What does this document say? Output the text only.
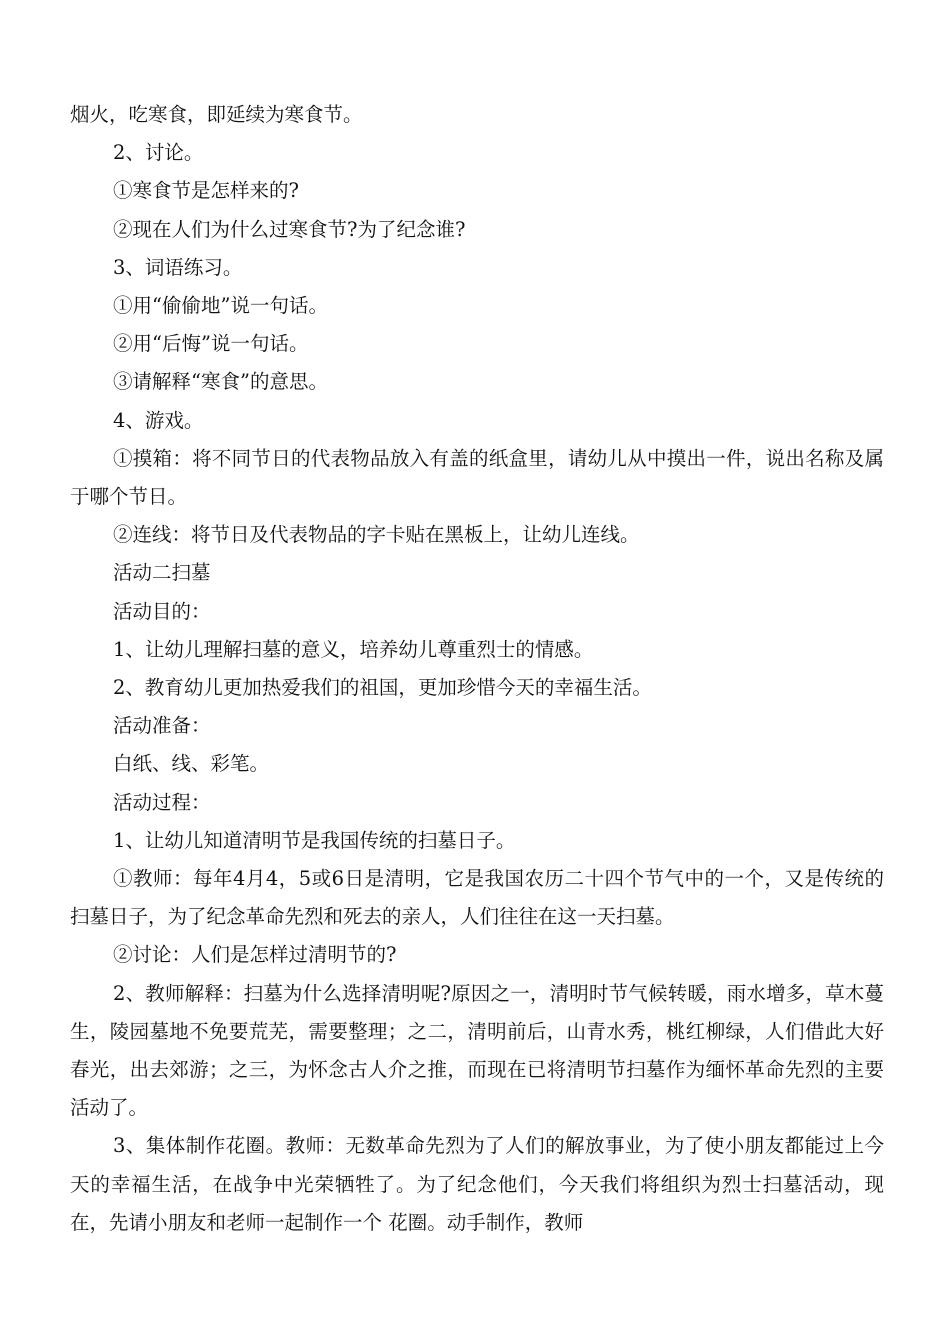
烟火，吃寒食，即延续为寒食节。

2、讨论。

①寒食节是怎样来的?

②现在人们为什么过寒食节?为了纪念谁?

3、词语练习。

①用“偷偷地”说一句话。

②用“后悔”说一句话。

③请解释“寒食”的意思。

4、游戏。

①摸箱：将不同节日的代表物品放入有盖的纸盒里，请幼儿从中摸出一件，说出名称及属于哪个节日。

②连线：将节日及代表物品的字卡贴在黑板上，让幼儿连线。

活动二扫墓

活动目的：

1、让幼儿理解扫墓的意义，培养幼儿尊重烈士的情感。

2、教育幼儿更加热爱我们的祖国，更加珍惜今天的幸福生活。

活动准备：

白纸、线、彩笔。

活动过程：

1、让幼儿知道清明节是我国传统的扫墓日子。

①教师：每年4月4，5或6日是清明，它是我国农历二十四个节气中的一个，又是传统的扫墓日子，为了纪念革命先烈和死去的亲人，人们往往在这一天扫墓。

②讨论：人们是怎样过清明节的?

2、教师解释：扫墓为什么选择清明呢?原因之一，清明时节气候转暖，雨水增多，草木蔓生，陵园墓地不免要荒芜，需要整理；之二，清明前后，山青水秀，桃红柳绿，人们借此大好春光，出去郊游；之三，为怀念古人介之推，而现在已将清明节扫墓作为缅怀革命先烈的主要活动了。

3、集体制作花圈。教师：无数革命先烈为了人们的解放事业，为了使小朋友都能过上今天的幸福生活，在战争中光荣牺牲了。为了纪念他们，今天我们将组织为烈士扫墓活动，现在，先请小朋友和老师一起制作一个 花圈。动手制作，教师
